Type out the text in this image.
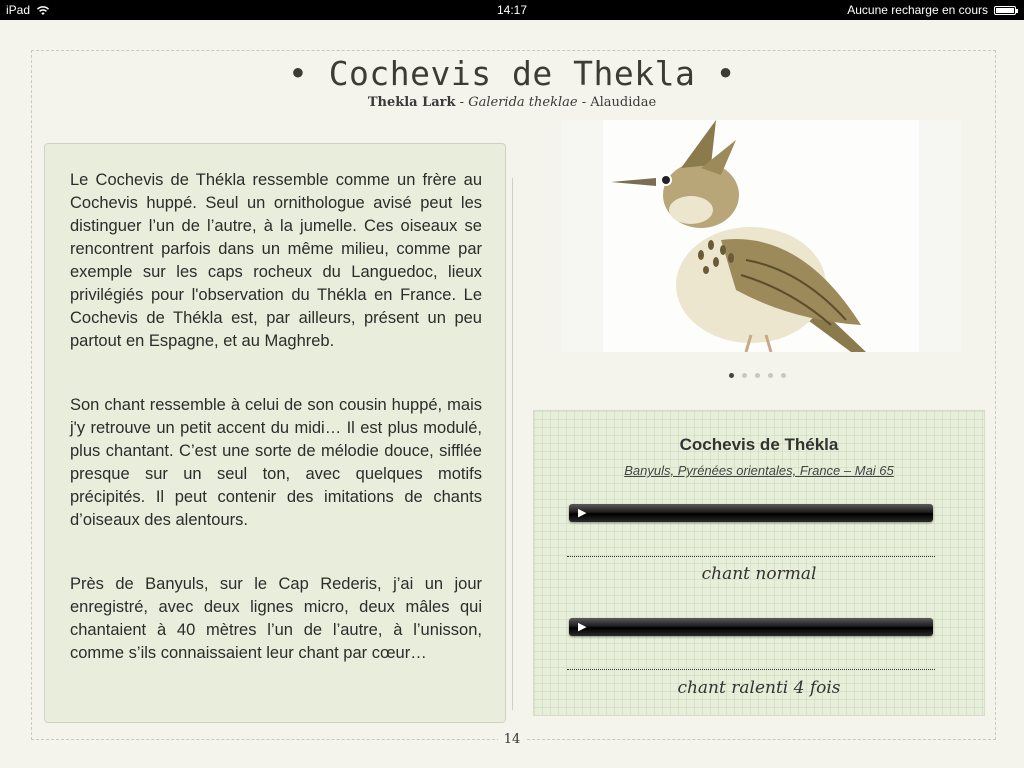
iPad	14:17	Aucune recharge en cours
• Cochevis de Thekla •
Thekla Lark - Galerida theklae - Alaudidae

Le Cochevis de Thékla ressemble comme un frère au Cochevis huppé. Seul un ornithologue avisé peut les distinguer l’un de l’autre, à la jumelle. Ces oiseaux se rencontrent parfois dans un même milieu, comme par exemple sur les caps rocheux du Languedoc, lieux privilégiés pour l'observation du Thékla en France. Le Cochevis de Thékla est, par ailleurs, présent un peu partout en Espagne, et au Maghreb.

Son chant ressemble à celui de son cousin huppé, mais j'y retrouve un petit accent du midi… Il est plus modulé, plus chantant. C’est une sorte de mélodie douce, sifflée presque sur un seul ton, avec quelques motifs précipités. Il peut contenir des imitations de chants d’oiseaux des alentours.

Près de Banyuls, sur le Cap Rederis, j’ai un jour enregistré, avec deux lignes micro, deux mâles qui chantaient à 40 mètres l’un de l’autre, à l’unisson, comme s’ils connaissaient leur chant par cœur…

Cochevis de Thékla
Banyuls, Pyrénées orientales, France – Mai 65
▶
chant normal
▶
chant ralenti 4 fois
14
